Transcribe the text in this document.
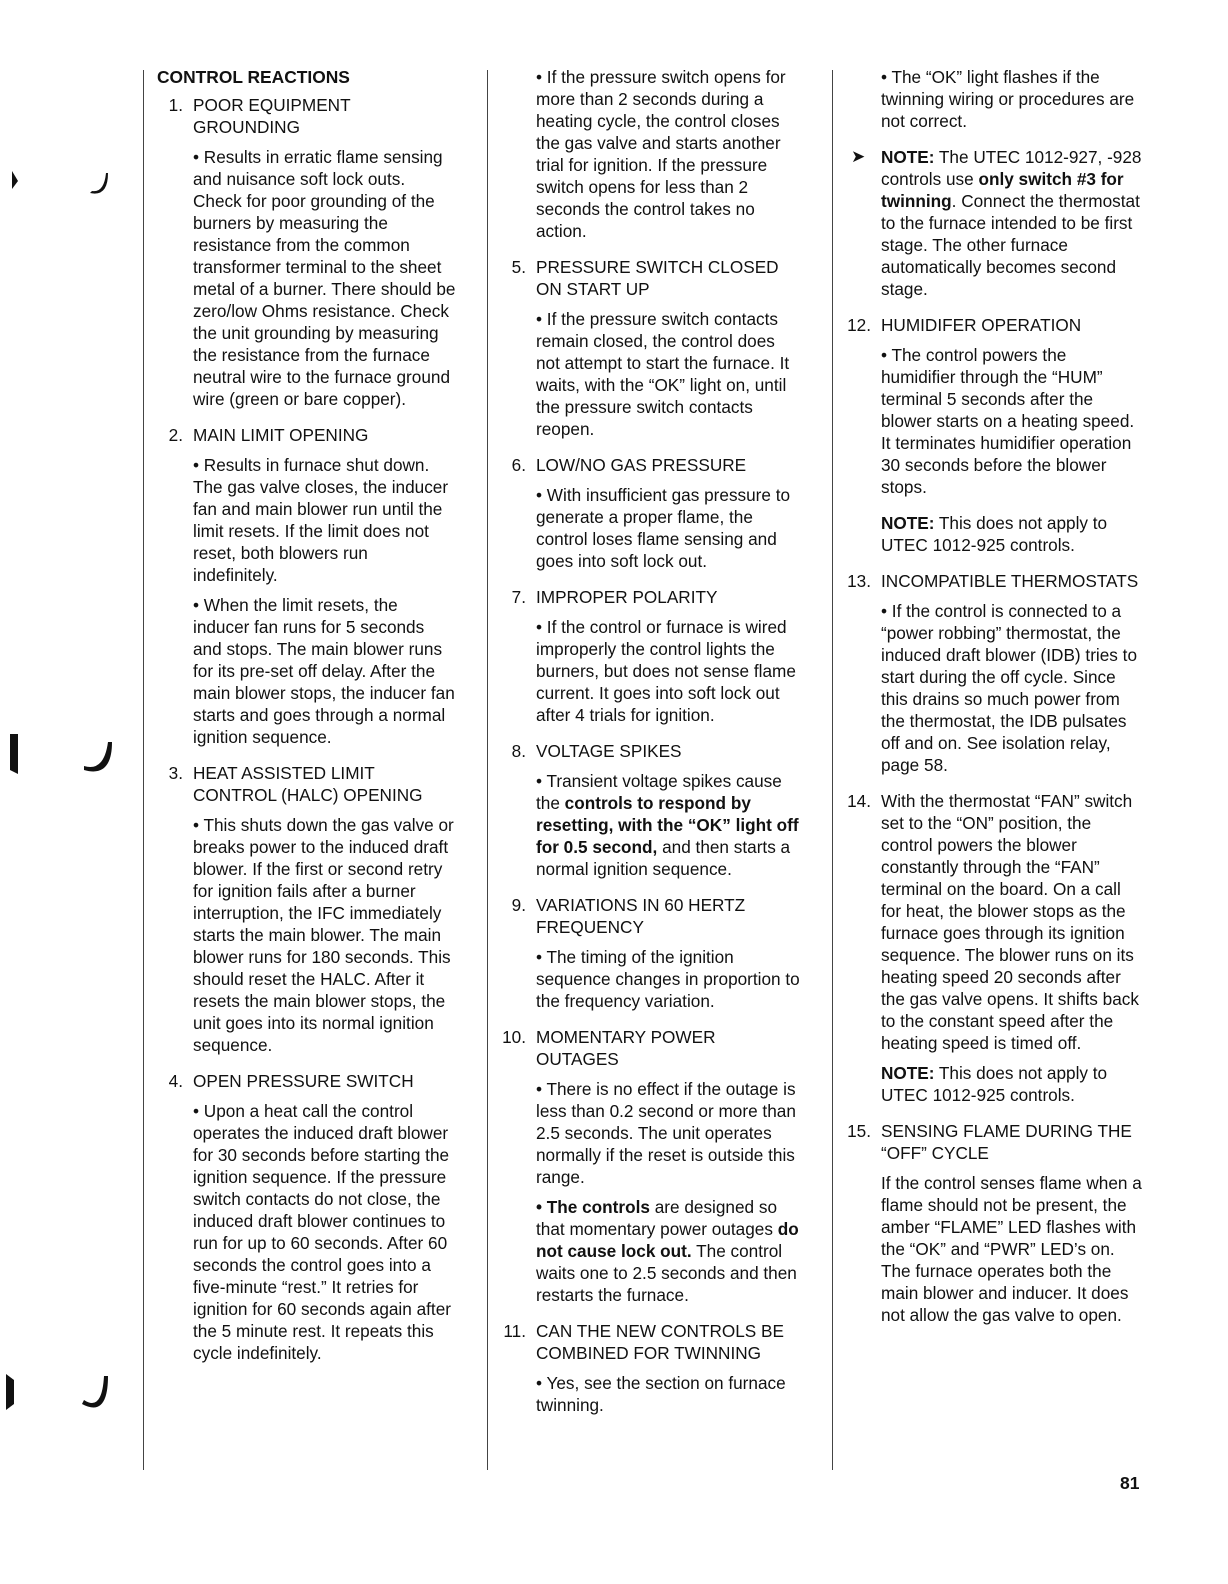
CONTROL REACTIONS
1. POOR EQUIPMENT GROUNDING
• Results in erratic flame sensing and nuisance soft lock outs. Check for poor grounding of the burners by measuring the resistance from the common transformer terminal to the sheet metal of a burner. There should be zero/low Ohms resistance. Check the unit grounding by measuring the resistance from the furnace neutral wire to the furnace ground wire (green or bare copper).
2. MAIN LIMIT OPENING
• Results in furnace shut down. The gas valve closes, the inducer fan and main blower run until the limit resets. If the limit does not reset, both blowers run indefinitely.
• When the limit resets, the inducer fan runs for 5 seconds and stops. The main blower runs for its pre-set off delay. After the main blower stops, the inducer fan starts and goes through a normal ignition sequence.
3. HEAT ASSISTED LIMIT CONTROL (HALC) OPENING
• This shuts down the gas valve or breaks power to the induced draft blower. If the first or second retry for ignition fails after a burner interruption, the IFC immediately starts the main blower. The main blower runs for 180 seconds. This should reset the HALC. After it resets the main blower stops, the unit goes into its normal ignition sequence.
4. OPEN PRESSURE SWITCH
• Upon a heat call the control operates the induced draft blower for 30 seconds before starting the ignition sequence. If the pressure switch contacts do not close, the induced draft blower continues to run for up to 60 seconds. After 60 seconds the control goes into a five-minute “rest.” It retries for ignition for 60 seconds again after the 5 minute rest. It repeats this cycle indefinitely.
• If the pressure switch opens for more than 2 seconds during a heating cycle, the control closes the gas valve and starts another trial for ignition. If the pressure switch opens for less than 2 seconds the control takes no action.
5. PRESSURE SWITCH CLOSED ON START UP
• If the pressure switch contacts remain closed, the control does not attempt to start the furnace. It waits, with the “OK” light on, until the pressure switch contacts reopen.
6. LOW/NO GAS PRESSURE
• With insufficient gas pressure to generate a proper flame, the control loses flame sensing and goes into soft lock out.
7. IMPROPER POLARITY
• If the control or furnace is wired improperly the control lights the burners, but does not sense flame current. It goes into soft lock out after 4 trials for ignition.
8. VOLTAGE SPIKES
• Transient voltage spikes cause the controls to respond by resetting, with the “OK” light off for 0.5 second, and then starts a normal ignition sequence.
9. VARIATIONS IN 60 HERTZ FREQUENCY
• The timing of the ignition sequence changes in proportion to the frequency variation.
10. MOMENTARY POWER OUTAGES
• There is no effect if the outage is less than 0.2 second or more than 2.5 seconds. The unit operates normally if the reset is outside this range.
• The controls are designed so that momentary power outages do not cause lock out. The control waits one to 2.5 seconds and then restarts the furnace.
11. CAN THE NEW CONTROLS BE COMBINED FOR TWINNING
• Yes, see the section on furnace twinning.
• The “OK” light flashes if the twinning wiring or procedures are not correct.
➤ NOTE: The UTEC 1012-927, -928 controls use only switch #3 for twinning. Connect the thermostat to the furnace intended to be first stage. The other furnace automatically becomes second stage.
12. HUMIDIFER OPERATION
• The control powers the humidifier through the “HUM” terminal 5 seconds after the blower starts on a heating speed. It terminates humidifier operation 30 seconds before the blower stops.
NOTE: This does not apply to UTEC 1012-925 controls.
13. INCOMPATIBLE THERMOSTATS
• If the control is connected to a “power robbing” thermostat, the induced draft blower (IDB) tries to start during the off cycle. Since this drains so much power from the thermostat, the IDB pulsates off and on. See isolation relay, page 58.
14. With the thermostat “FAN” switch set to the “ON” position, the control powers the blower constantly through the “FAN” terminal on the board. On a call for heat, the blower stops as the furnace goes through its ignition sequence. The blower runs on its heating speed 20 seconds after the gas valve opens. It shifts back to the constant speed after the heating speed is timed off.
NOTE: This does not apply to UTEC 1012-925 controls.
15. SENSING FLAME DURING THE “OFF” CYCLE
If the control senses flame when a flame should not be present, the amber “FLAME” LED flashes with the “OK” and “PWR” LED’s on. The furnace operates both the main blower and inducer. It does not allow the gas valve to open.
81
